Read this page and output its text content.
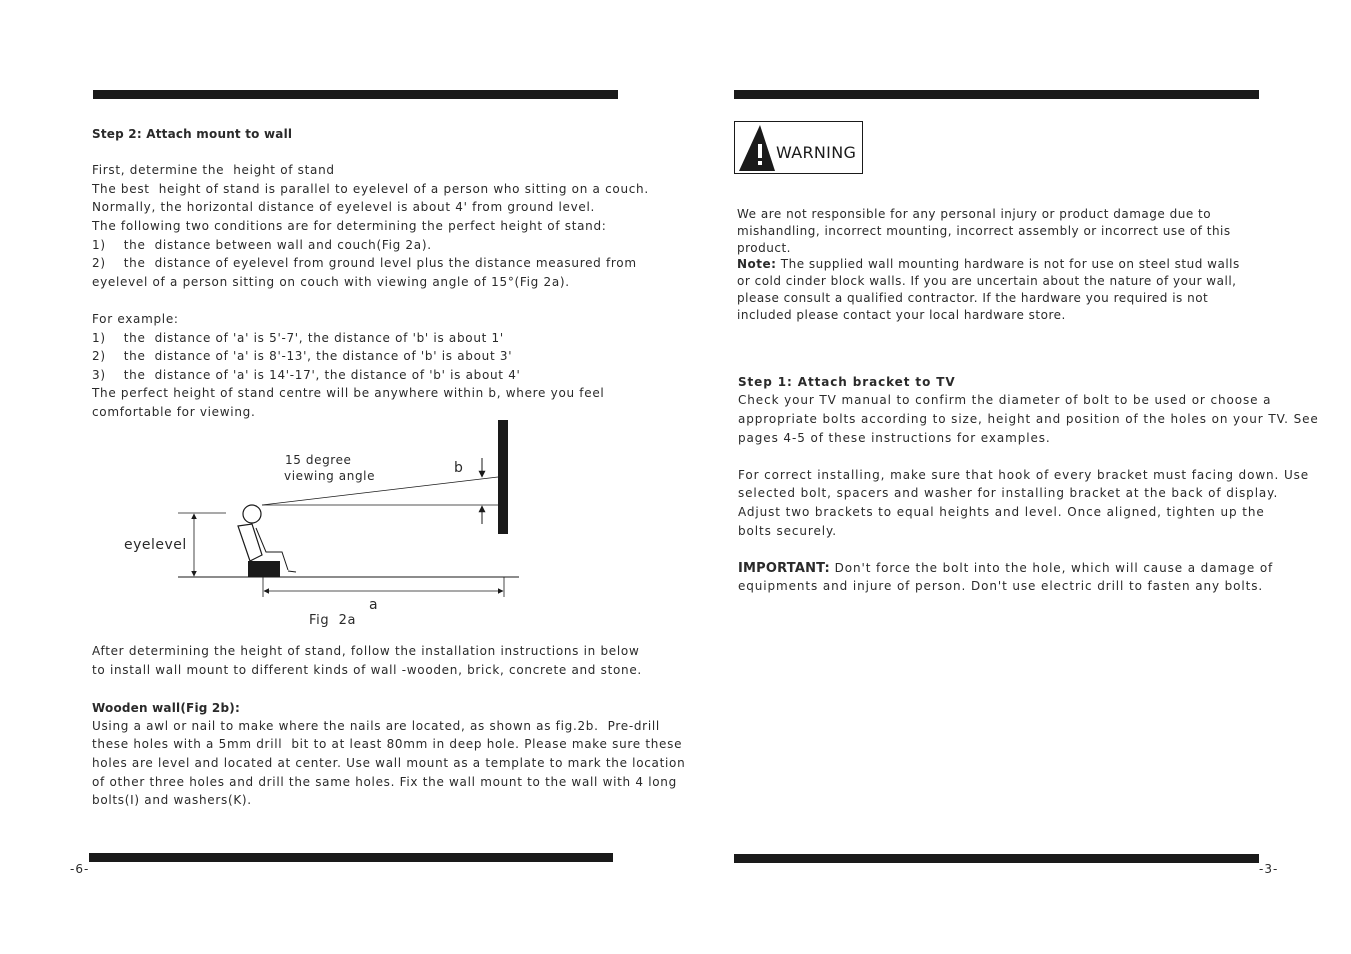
Step 2: Attach mount to wall

First, determine the  height of stand

The best  height of stand is parallel to eyelevel of a person who sitting on a couch.

Normally, the horizontal distance of eyelevel is about 4' from ground level.

The following two conditions are for determining the perfect height of stand:

1)    the  distance between wall and couch(Fig 2a).

2)    the  distance of eyelevel from ground level plus the distance measured from

eyelevel of a person sitting on couch with viewing angle of 15°(Fig 2a).

For example:

1)    the  distance of 'a' is 5'-7', the distance of 'b' is about 1'

2)    the  distance of 'a' is 8'-13', the distance of 'b' is about 3'

3)    the  distance of 'a' is 14'-17', the distance of 'b' is about 4'

The perfect height of stand centre will be anywhere within b, where you feel

comfortable for viewing.

15 degree
viewing angle	b
eyelevel
a
Fig  2a

After determining the height of stand, follow the installation instructions in below

to install wall mount to different kinds of wall -wooden, brick, concrete and stone.

Wooden wall(Fig 2b):

Using a awl or nail to make where the nails are located, as shown as fig.2b.  Pre-drill

these holes with a 5mm drill  bit to at least 80mm in deep hole. Please make sure these

holes are level and located at center. Use wall mount as a template to mark the location

of other three holes and drill the same holes. Fix the wall mount to the wall with 4 long

bolts(I) and washers(K).

-6-
WARNING

We are not responsible for any personal injury or product damage due to mishandling, incorrect mounting, incorrect assembly or incorrect use of this product.

Note: The supplied wall mounting hardware is not for use on steel stud walls or cold cinder block walls. If you are uncertain about the nature of your wall, please consult a qualified contractor. If the hardware you required is not included please contact your local hardware store.

Step 1: Attach bracket to TV

Check your TV manual to confirm the diameter of bolt to be used or choose a

appropriate bolts according to size, height and position of the holes on your TV. See

pages 4-5 of these instructions for examples.

For correct installing, make sure that hook of every bracket must facing down. Use

selected bolt, spacers and washer for installing bracket at the back of display.

Adjust two brackets to equal heights and level. Once aligned, tighten up the

bolts securely.

IMPORTANT: Don't force the bolt into the hole, which will cause a damage of

equipments and injure of person. Don't use electric drill to fasten any bolts.

-3-
